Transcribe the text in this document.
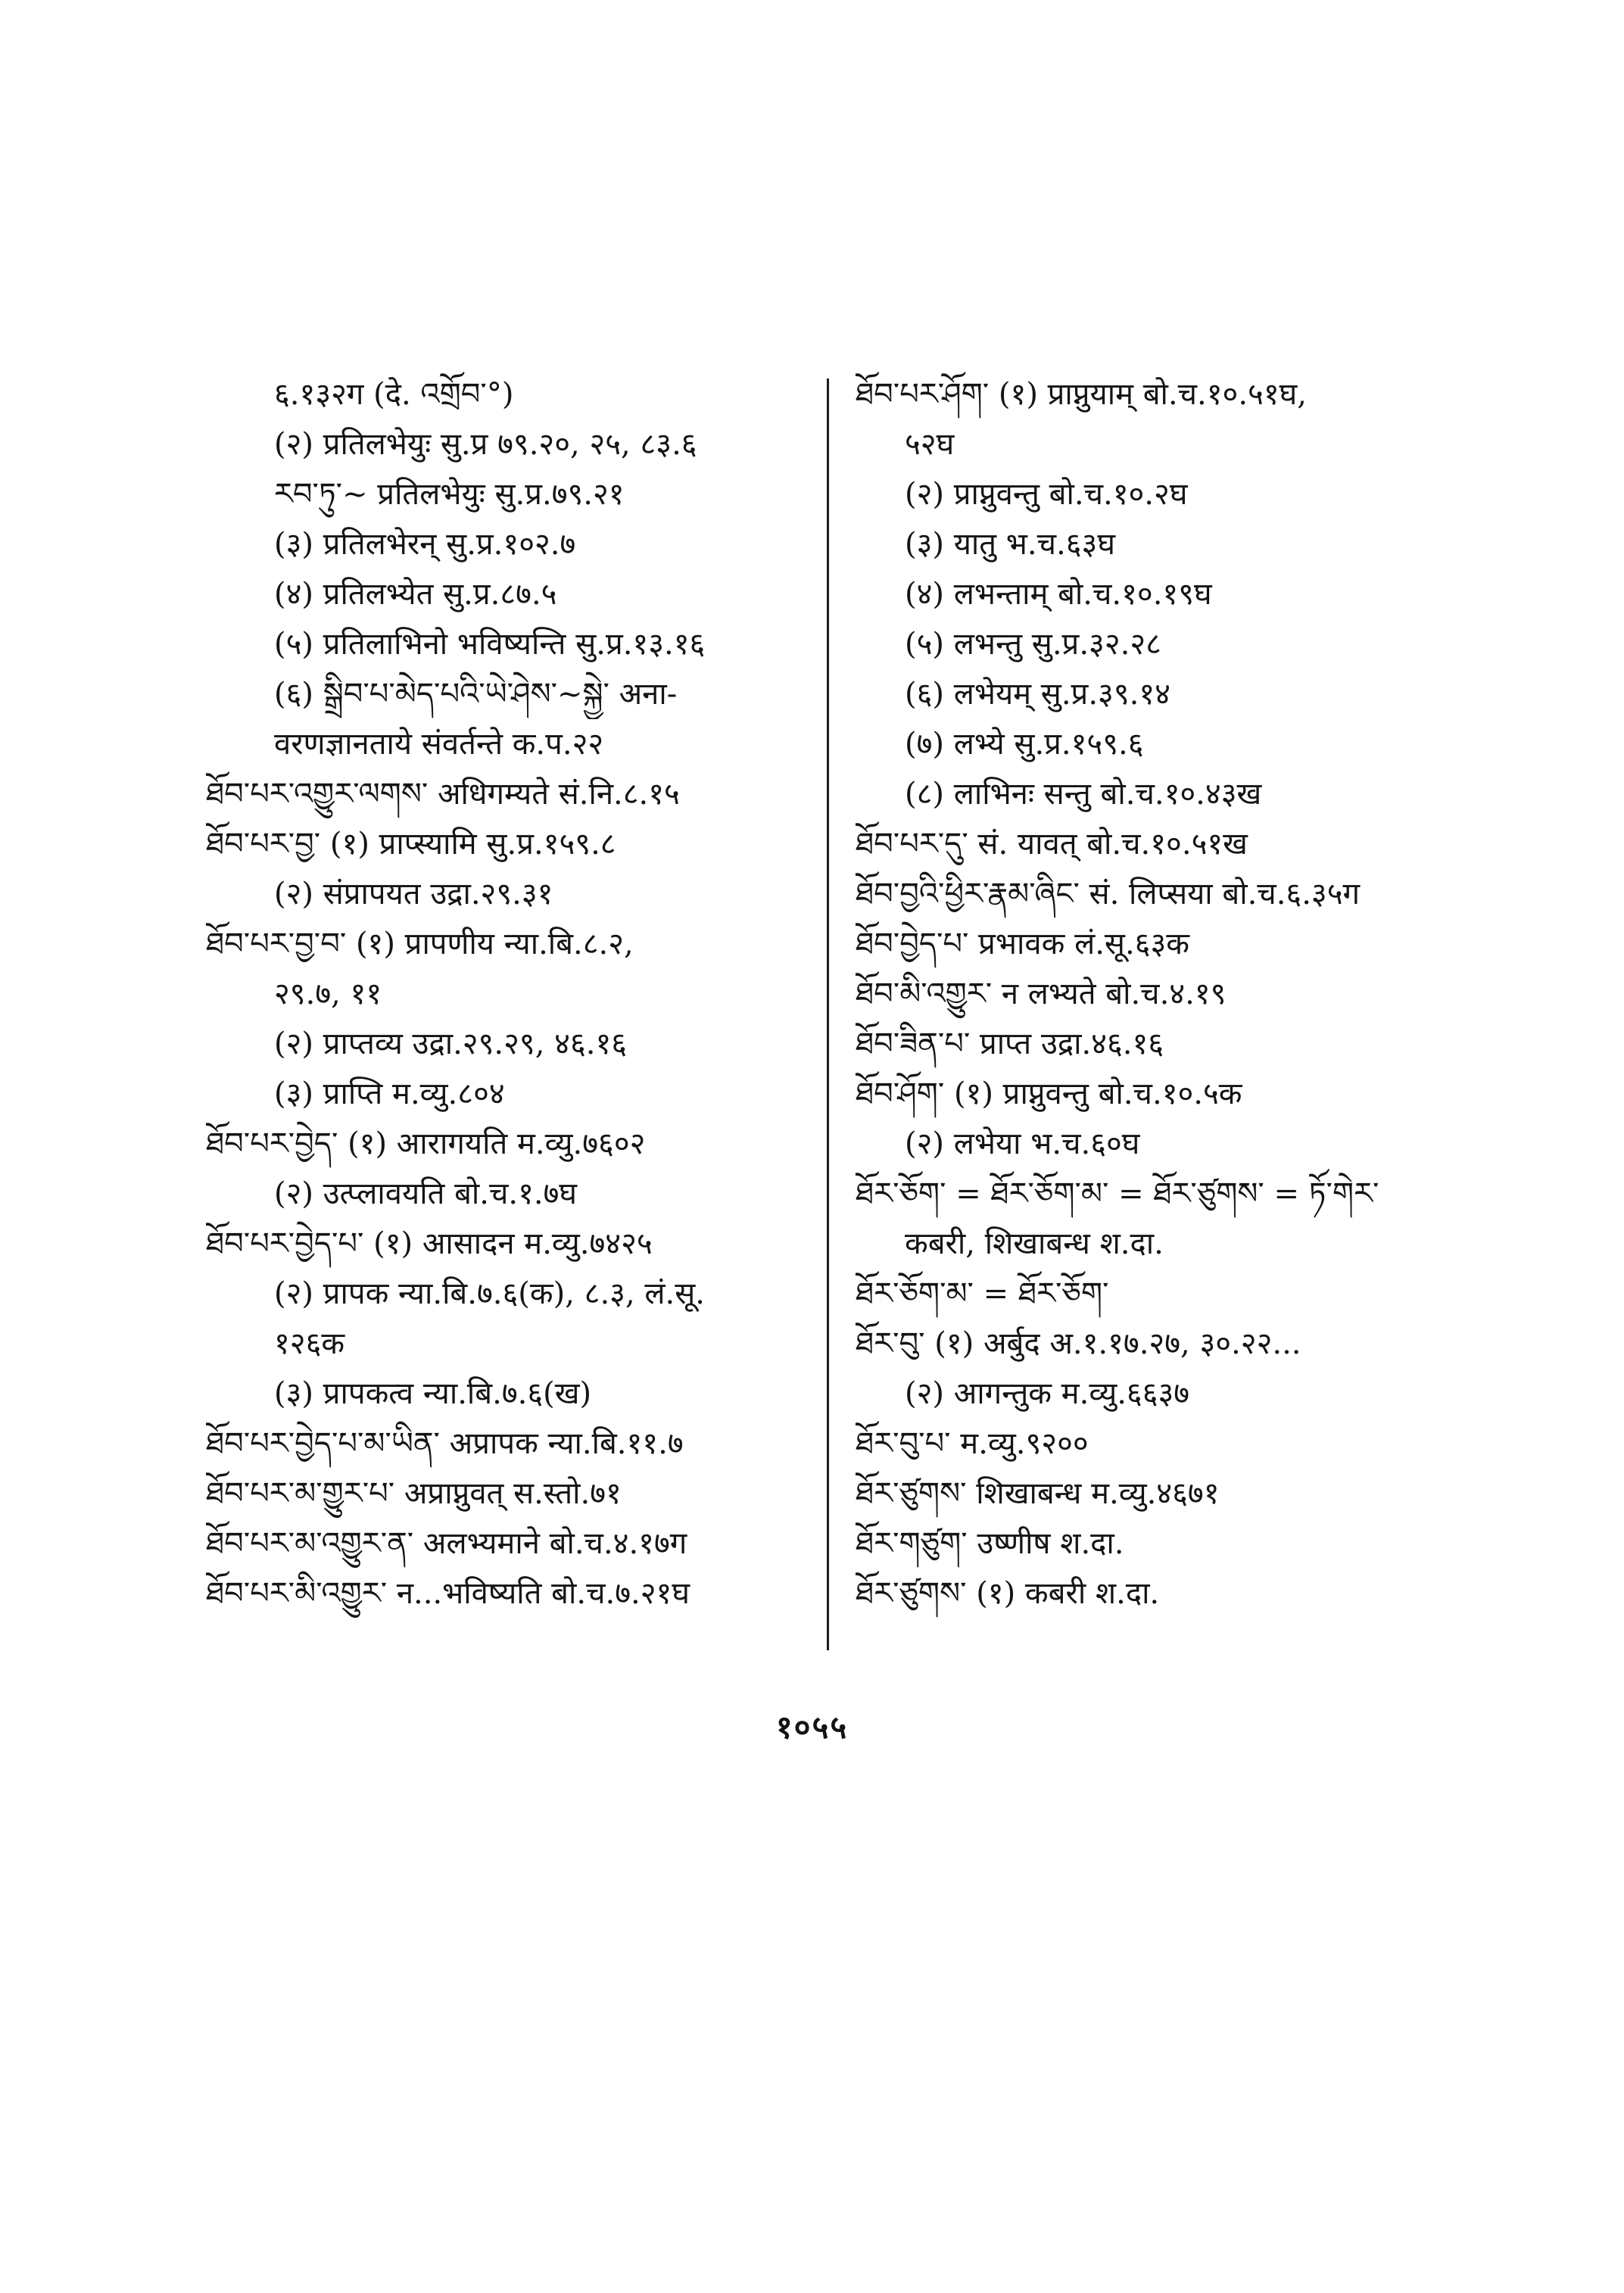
६.१३२ग (दे. འགྲོབ་°)
(२) प्रतिलभेयुः सु.प्र ७९.२०, २५, ८३.६
རབ་ཏུ་~ प्रतिलभेयुः सु.प्र.७९.२१
(३) प्रतिलभेरन् सु.प्र.१०२.७
(४) प्रतिलभ्येत सु.प्र.८७.५
(५) प्रतिलाभिनो भविष्यन्ति सु.प्र.१३.१६
(६) སྒྲིབ་པ་མེད་པའི་ཡེ་ཤེས་~སྐྱེ་ अना-
वरणज्ञानताये संवर्तन्ते क.प.२२
ཐོབ་པར་འགྱུར་ལགས་ अधिगम्यते सं.नि.८.१५
ཐོབ་པར་བྱ་ (१) प्राप्स्यामि सु.प्र.१५९.८
(२) संप्रापयत उद्रा.२९.३१
ཐོབ་པར་བྱ་བ་ (१) प्रापणीय न्या.बि.८.२,
२९.७, ११
(२) प्राप्तव्य उद्रा.२९.२९, ४६.१६
(३) प्राप्ति म.व्यु.८०४
ཐོབ་པར་བྱེད་ (१) आरागयति म.व्यु.७६०२
(२) उत्प्लावयति बो.च.१.७घ
ཐོབ་པར་བྱེད་པ་ (१) आसादन म.व्यु.७४२५
(२) प्रापक न्या.बि.७.६(क), ८.३, लं.सू.
१२६क
(३) प्रापकत्व न्या.बि.७.६(ख)
ཐོབ་པར་བྱེད་པ་མ་ཡིན་ अप्रापक न्या.बि.११.७
ཐོབ་པར་མ་གྱུར་པ་ अप्राप्नुवत् स.स्तो.७१
ཐོབ་པར་མ་འགྱུར་ན་ अलभ्यमाने बो.च.४.१७ग
ཐོབ་པར་མི་འགྱུར་ न...भविष्यति बो.च.७.२१घ
ཐོབ་པར་ཤོག་ (१) प्राप्नुयाम् बो.च.१०.५१घ,
५२घ
(२) प्राप्नुवन्तु बो.च.१०.२घ
(३) यातु भ.च.६३घ
(४) लभन्ताम् बो.च.१०.१९घ
(५) लभन्तु सु.प्र.३२.२८
(६) लभेयम् सु.प्र.३९.१४
(७) लभ्ये सु.प्र.१५९.६
(८) लाभिनः सन्तु बो.च.१०.४३ख
ཐོབ་པར་དུ་ सं. यावत् बो.च.१०.५१ख
ཐོབ་བྱའི་ཕྱིར་རྣམ་ཞིང་ सं. लिप्सया बो.च.६.३५ग
ཐོབ་བྱེད་པ་ प्रभावक लं.सू.६३क
ཐོབ་མི་འགྱུར་ न लभ्यते बो.च.४.१९
ཐོབ་ཟིན་པ་ प्राप्त उद्रा.४६.१६
ཐོབ་ཤོག་ (१) प्राप्नुवन्तु बो.च.१०.५क
(२) लभेया भ.च.६०घ
ཐོར་ཅོག་ = ཐོར་ཅོག་མ་ = ཐོར་ཙུགས་ = ཏོ་གེར་
कबरी, शिखाबन्ध श.दा.
ཐོར་ཅོག་མ་ = ཐོར་ཅོག་
ཐོར་བུ་ (१) अर्बुद अ.१.१७.२७, ३०.२२...
(२) आगन्तुक म.व्यु.६६३७
ཐོར་བུ་པ་ म.व्यु.९२००
ཐོར་ཙུགས་ शिखाबन्ध म.व्यु.४६७१
ཐོར་གཙུག་ उष्णीष श.दा.
ཐོར་ཙུགས་ (१) कबरी श.दा.
१०५५
